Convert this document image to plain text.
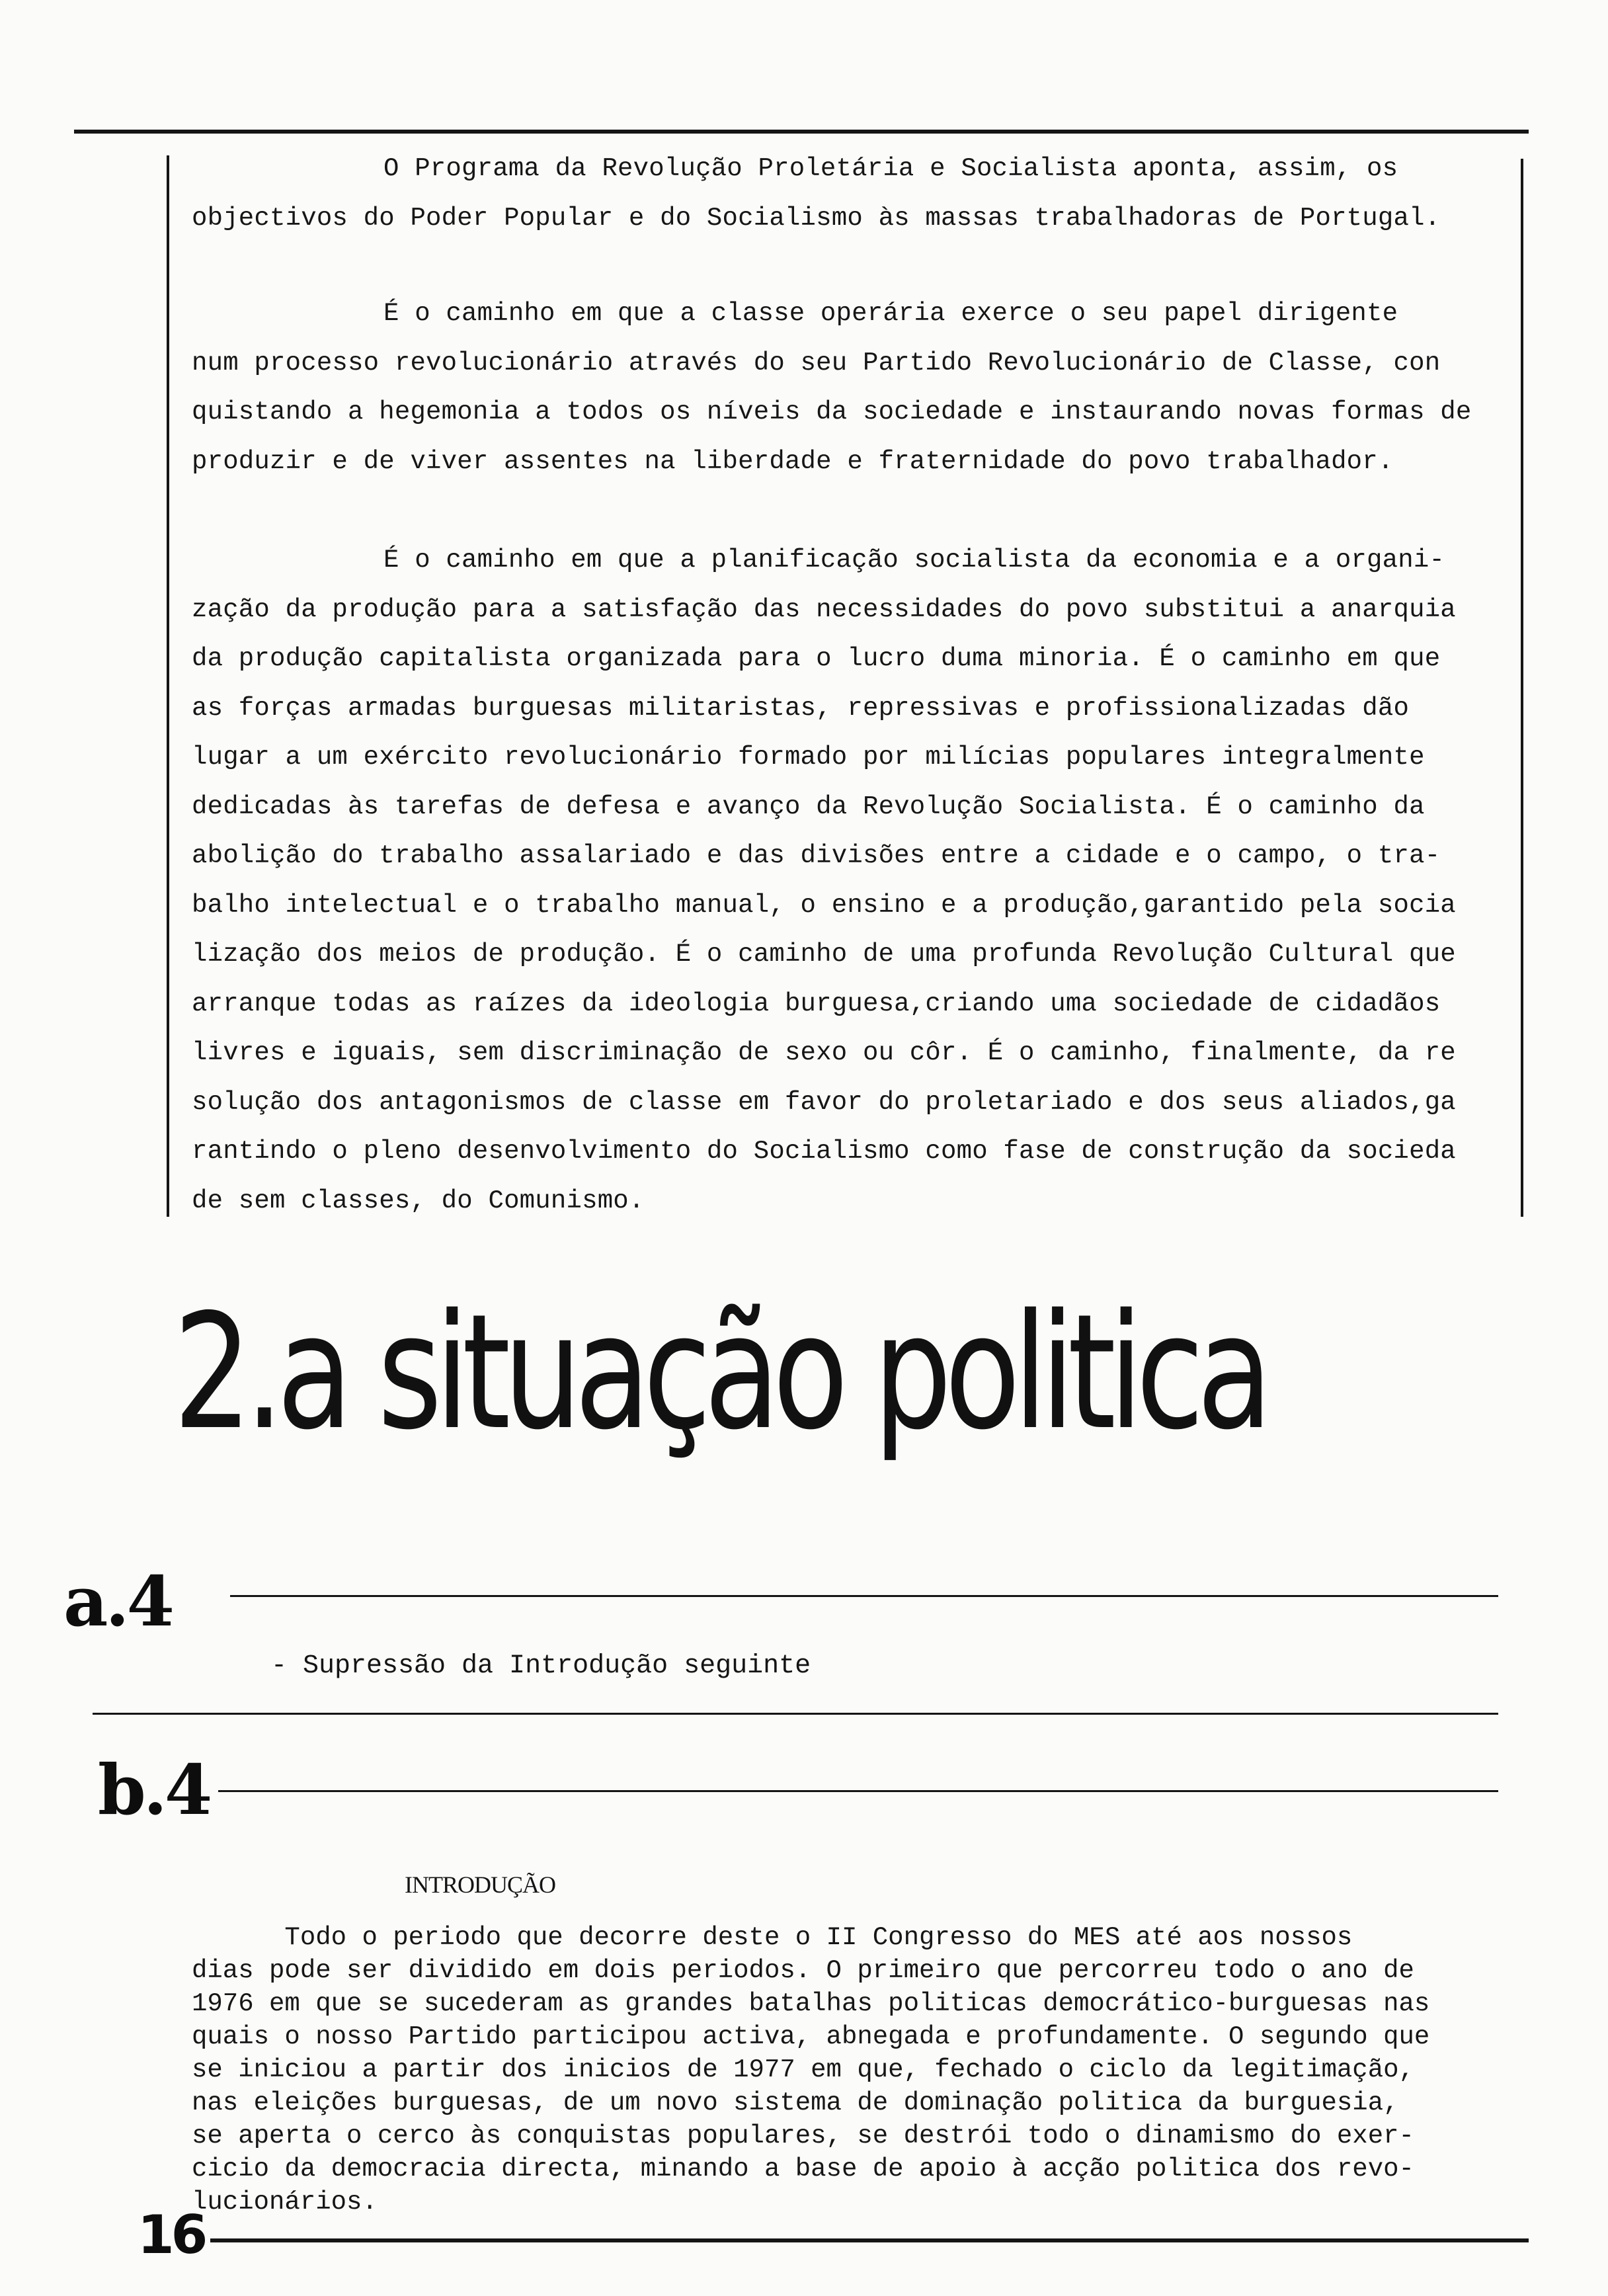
O Programa da Revolução Proletária e Socialista aponta, assim, os

objectivos do Poder Popular e do Socialismo às massas trabalhadoras de Portugal.

É o caminho em que a classe operária exerce o seu papel dirigente

num processo revolucionário através do seu Partido Revolucionário de Classe, con

quistando a hegemonia a todos os níveis da sociedade e instaurando novas formas de

produzir e de viver assentes na liberdade e fraternidade do povo trabalhador.

É o caminho em que a planificação socialista da economia e a organi-

zação da produção para a satisfação das necessidades do povo substitui a anarquia

da produção capitalista organizada para o lucro duma minoria. É o caminho em que

as forças armadas burguesas militaristas, repressivas e profissionalizadas dão

lugar a um exército revolucionário formado por milícias populares integralmente

dedicadas às tarefas de defesa e avanço da Revolução Socialista. É o caminho da

abolição do trabalho assalariado e das divisões entre a cidade e o campo, o tra-

balho intelectual e o trabalho manual, o ensino e a produção,garantido pela socia

lização dos meios de produção. É o caminho de uma profunda Revolução Cultural que

arranque todas as raízes da ideologia burguesa,criando uma sociedade de cidadãos

livres e iguais, sem discriminação de sexo ou côr. É o caminho, finalmente, da re

solução dos antagonismos de classe em favor do proletariado e dos seus aliados,ga

rantindo o pleno desenvolvimento do Socialismo como fase de construção da socieda

de sem classes, do Comunismo.

2.a situação politica
a.4
- Supressão da Introdução seguinte
b.4
INTRODUÇÃO

Todo o periodo que decorre deste o II Congresso do MES até aos nossos

dias pode ser dividido em dois periodos. O primeiro que percorreu todo o ano de

1976 em que se sucederam as grandes batalhas politicas democrático-burguesas nas

quais o nosso Partido participou activa, abnegada e profundamente. O segundo que

se iniciou a partir dos inicios de 1977 em que, fechado o ciclo da legitimação,

nas eleições burguesas, de um novo sistema de dominação politica da burguesia,

se aperta o cerco às conquistas populares, se destrói todo o dinamismo do exer-

cicio da democracia directa, minando a base de apoio à acção politica dos revo-

lucionários.

16
